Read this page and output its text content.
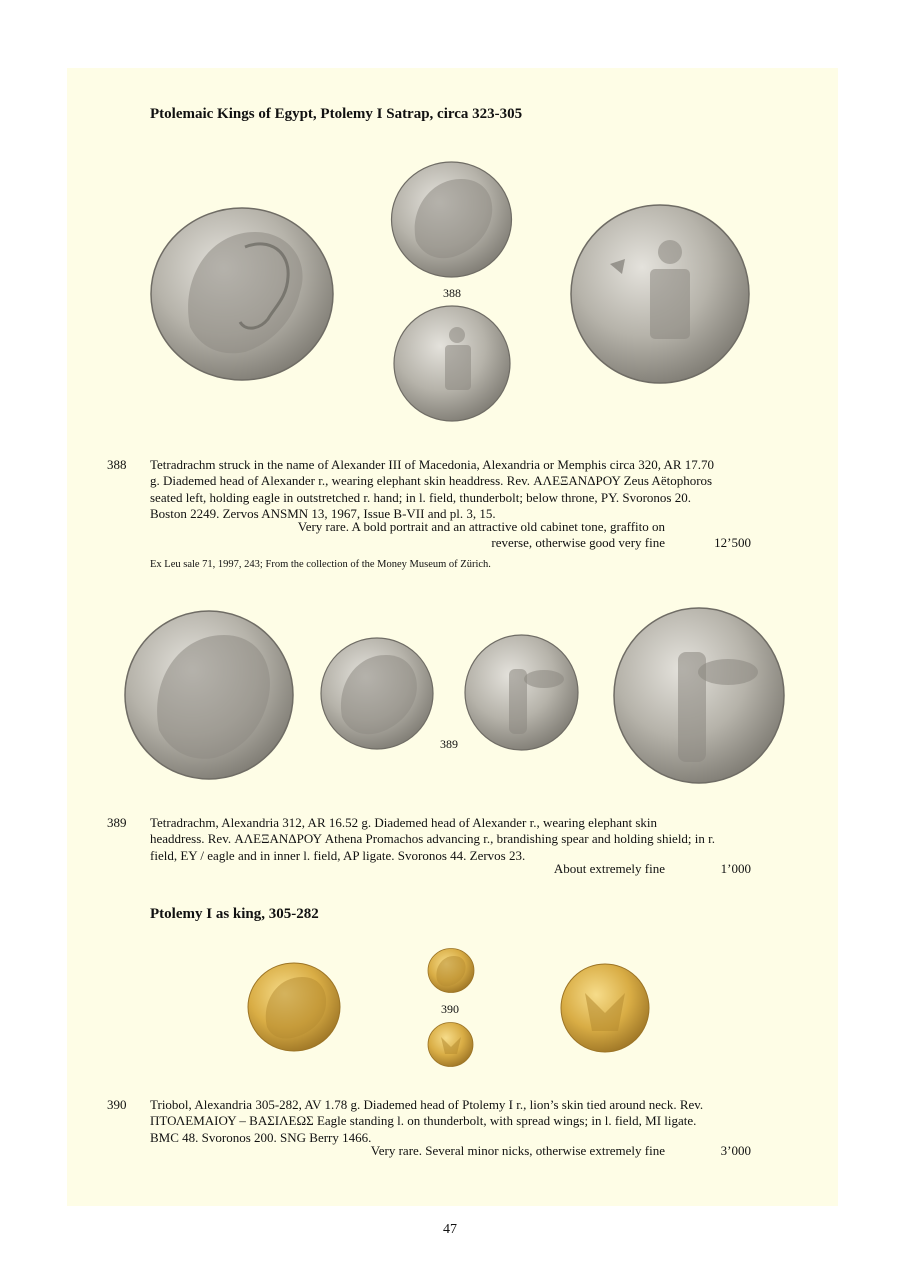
Ptolemaic Kings of Egypt, Ptolemy I Satrap, circa 323-305
388
388 Tetradrachm struck in the name of Alexander III of Macedonia, Alexandria or Memphis circa 320, AR 17.70
g. Diademed head of Alexander r., wearing elephant skin headdress. Rev. ΑΛΕΞΑΝΔΡΟΥ Zeus Aëtophoros
seated left, holding eagle in outstretched r. hand; in l. field, thunderbolt; below throne, PY. Svoronos 20.
Boston 2249. Zervos ANSMN 13, 1967, Issue B-VII and pl. 3, 15.
Very rare. A bold portrait and an attractive old cabinet tone, graffito on
reverse, otherwise good very fine	12’500
Ex Leu sale 71, 1997, 243; From the collection of the Money Museum of Zürich.
389
389 Tetradrachm, Alexandria 312, AR 16.52 g. Diademed head of Alexander r., wearing elephant skin
headdress. Rev. ΑΛΕΞΑΝΔΡΟΥ Athena Promachos advancing r., brandishing spear and holding shield; in r.
field, EY / eagle and in inner l. field, AP ligate. Svoronos 44. Zervos 23.
About extremely fine	1’000
Ptolemy I as king, 305-282
390
390 Triobol, Alexandria 305-282, AV 1.78 g. Diademed head of Ptolemy I r., lion’s skin tied around neck. Rev.
ΠΤΟΛΕΜΑΙΟΥ – ΒΑΣΙΛΕΩΣ Eagle standing l. on thunderbolt, with spread wings; in l. field, MI ligate.
BMC 48. Svoronos 200. SNG Berry 1466.
Very rare. Several minor nicks, otherwise extremely fine	3’000
47
